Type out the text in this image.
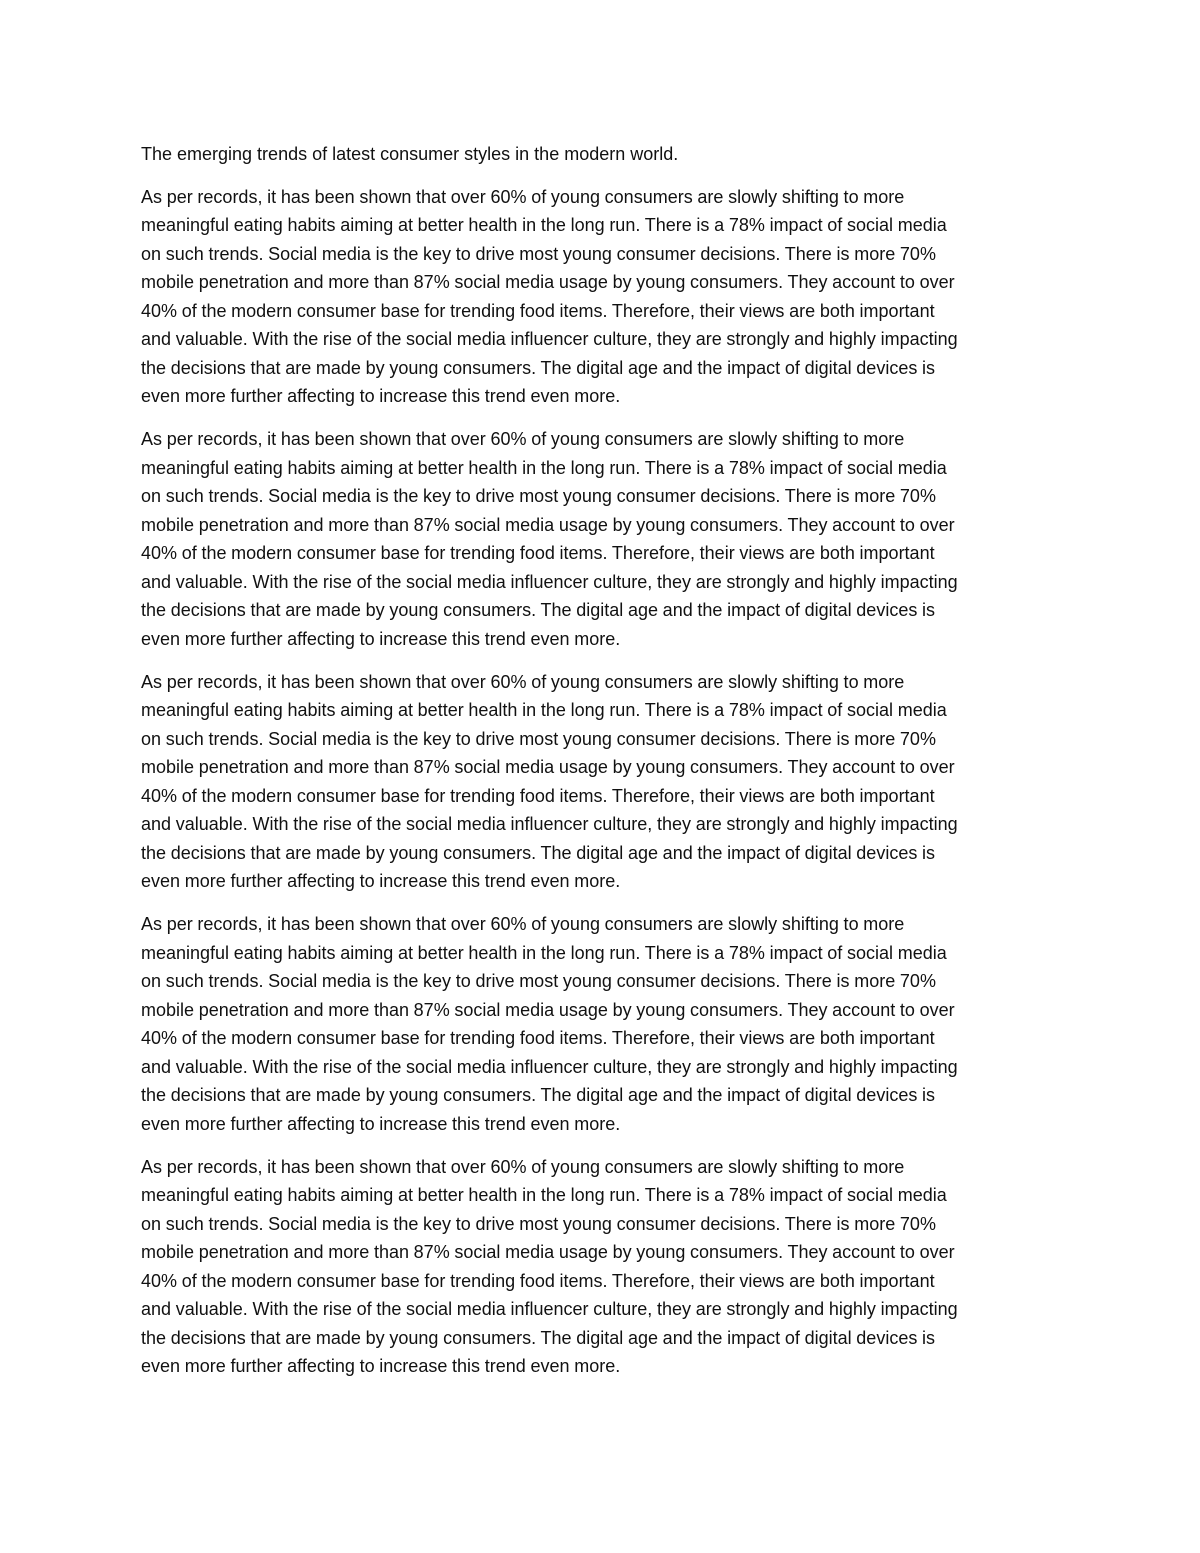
The emerging trends of latest consumer styles in the modern world.

As per records, it has been shown that over 60% of young consumers are slowly shifting to more
meaningful eating habits aiming at better health in the long run. There is a 78% impact of social media
on such trends. Social media is the key to drive most young consumer decisions. There is more 70%
mobile penetration and more than 87% social media usage by young consumers. They account to over
40% of the modern consumer base for trending food items. Therefore, their views are both important
and valuable. With the rise of the social media influencer culture, they are strongly and highly impacting
the decisions that are made by young consumers. The digital age and the impact of digital devices is
even more further affecting to increase this trend even more.

As per records, it has been shown that over 60% of young consumers are slowly shifting to more
meaningful eating habits aiming at better health in the long run. There is a 78% impact of social media
on such trends. Social media is the key to drive most young consumer decisions. There is more 70%
mobile penetration and more than 87% social media usage by young consumers. They account to over
40% of the modern consumer base for trending food items. Therefore, their views are both important
and valuable. With the rise of the social media influencer culture, they are strongly and highly impacting
the decisions that are made by young consumers. The digital age and the impact of digital devices is
even more further affecting to increase this trend even more.

As per records, it has been shown that over 60% of young consumers are slowly shifting to more
meaningful eating habits aiming at better health in the long run. There is a 78% impact of social media
on such trends. Social media is the key to drive most young consumer decisions. There is more 70%
mobile penetration and more than 87% social media usage by young consumers. They account to over
40% of the modern consumer base for trending food items. Therefore, their views are both important
and valuable. With the rise of the social media influencer culture, they are strongly and highly impacting
the decisions that are made by young consumers. The digital age and the impact of digital devices is
even more further affecting to increase this trend even more.

As per records, it has been shown that over 60% of young consumers are slowly shifting to more
meaningful eating habits aiming at better health in the long run. There is a 78% impact of social media
on such trends. Social media is the key to drive most young consumer decisions. There is more 70%
mobile penetration and more than 87% social media usage by young consumers. They account to over
40% of the modern consumer base for trending food items. Therefore, their views are both important
and valuable. With the rise of the social media influencer culture, they are strongly and highly impacting
the decisions that are made by young consumers. The digital age and the impact of digital devices is
even more further affecting to increase this trend even more.

As per records, it has been shown that over 60% of young consumers are slowly shifting to more
meaningful eating habits aiming at better health in the long run. There is a 78% impact of social media
on such trends. Social media is the key to drive most young consumer decisions. There is more 70%
mobile penetration and more than 87% social media usage by young consumers. They account to over
40% of the modern consumer base for trending food items. Therefore, their views are both important
and valuable. With the rise of the social media influencer culture, they are strongly and highly impacting
the decisions that are made by young consumers. The digital age and the impact of digital devices is
even more further affecting to increase this trend even more.
